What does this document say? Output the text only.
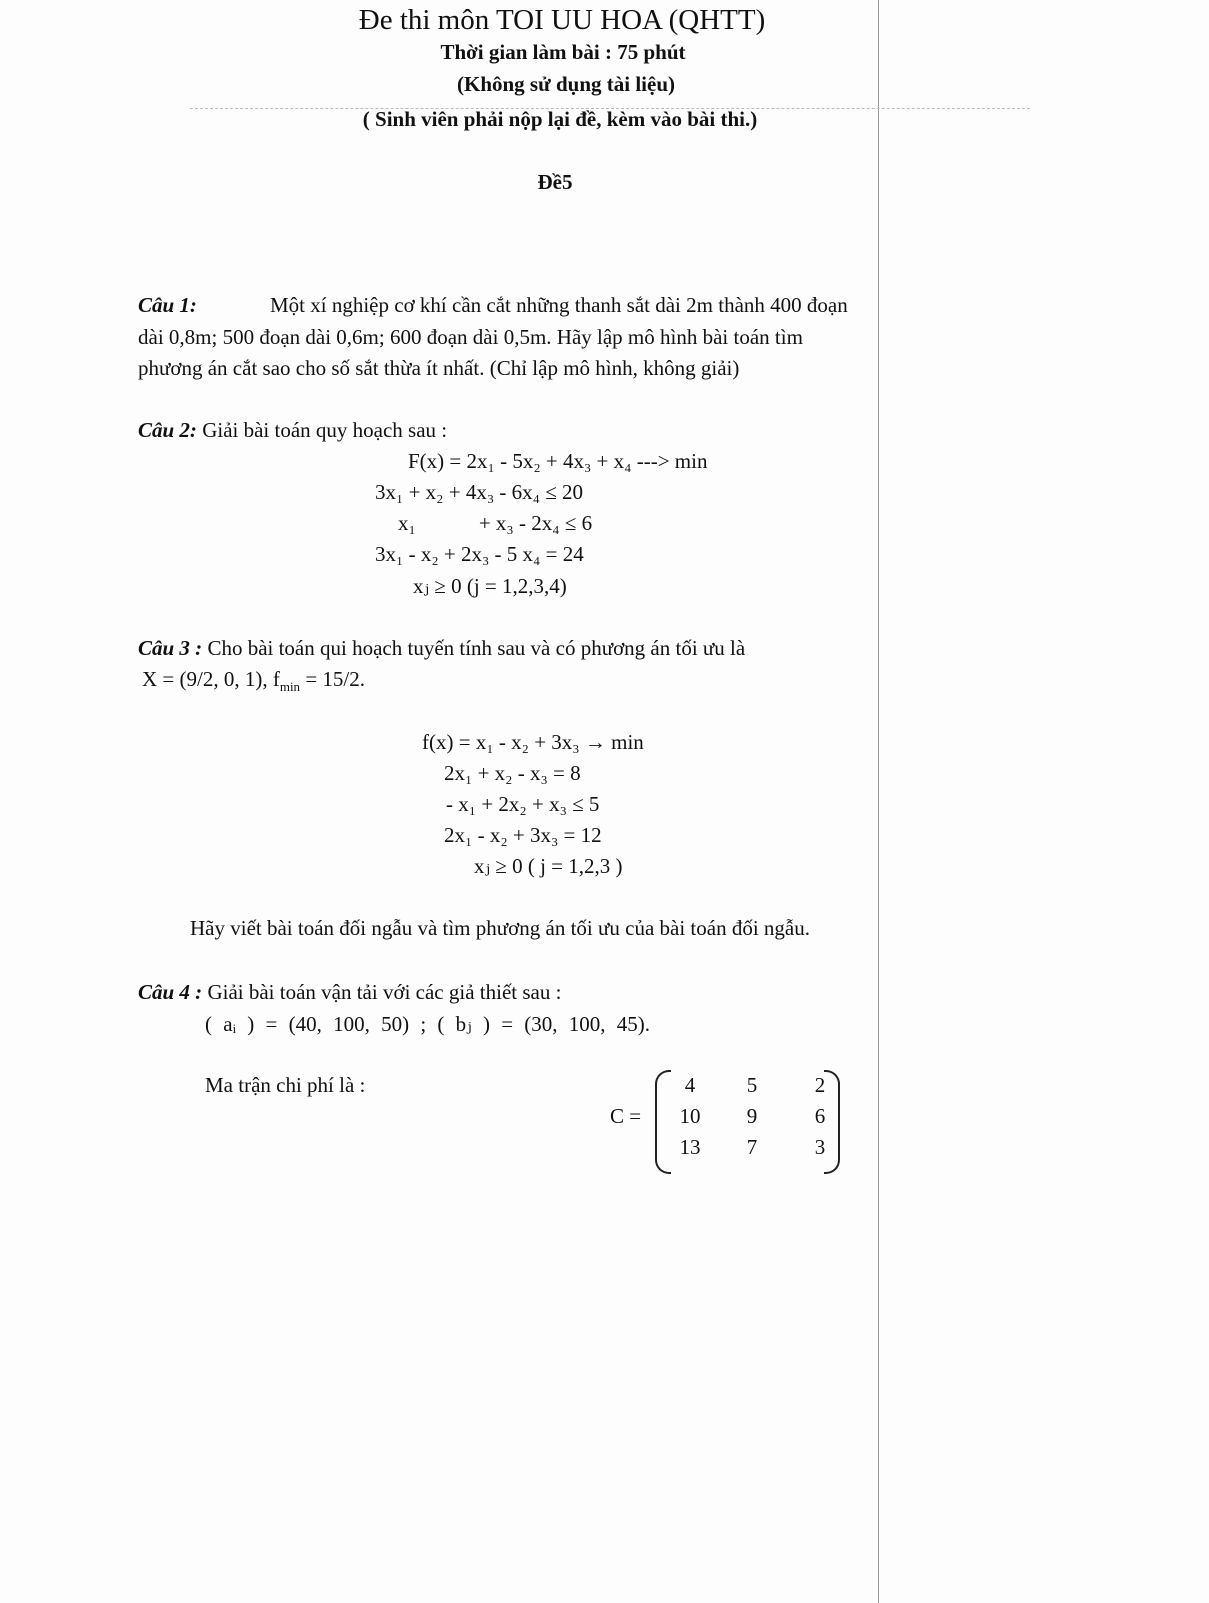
Đe thi môn TOI UU HOA (QHTT)
Thời gian làm bài : 75 phút
(Không sử dụng tài liệu)
( Sinh viên phải nộp lại đề, kèm vào bài thi.)
Đề5
Câu 1:	Một xí nghiệp cơ khí cần cắt những thanh sắt dài 2m thành 400 đoạn
dài 0,8m; 500 đoạn dài 0,6m; 600 đoạn dài 0,5m. Hãy lập mô hình bài toán tìm
phương án cắt sao cho số sắt thừa ít nhất. (Chỉ lập mô hình, không giải)
Câu 2: Giải bài toán quy hoạch sau :
F(x) = 2x₁ - 5x₂ + 4x₃ + x₄ ---> min
3x₁ + x₂ + 4x₃ - 6x₄ ≤ 20
x₁            + x₃ - 2x₄ ≤ 6
3x₁ - x₂ + 2x₃ - 5 x₄ = 24
xⱼ ≥ 0 (j = 1,2,3,4)
Câu 3 : Cho bài toán qui hoạch tuyến tính sau và có phương án tối ưu là
X = (9/2, 0, 1), $f_{min} = 15/2$.
f(x) = x₁ - x₂ + 3x₃ → min
2x₁ + x₂ - x₃ = 8
- x₁ + 2x₂ + x₃ ≤ 5
2x₁ - x₂ + 3x₃ = 12
xⱼ ≥ 0 ( j = 1,2,3 )
Hãy viết bài toán đối ngẫu và tìm phương án tối ưu của bài toán đối ngẫu.
Câu 4 : Giải bài toán vận tải với các giả thiết sau :
( aᵢ ) = (40, 100, 50) ; ( bⱼ ) = (30, 100, 45).
Ma trận chi phí là :
C =
4	5	2
10	9	6
13	7	3
